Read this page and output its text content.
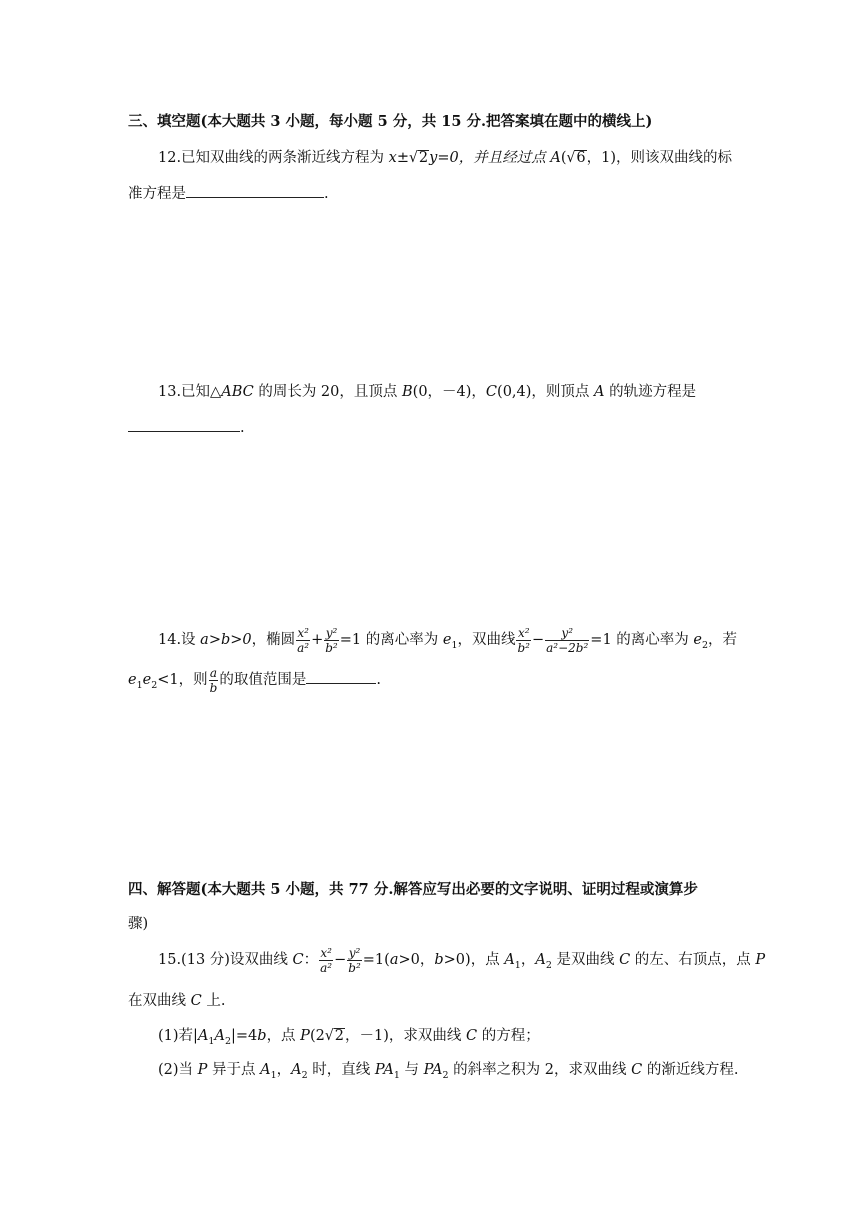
三、填空题(本大题共 3 小题，每小题 5 分，共 15 分.把答案填在题中的横线上)
12.已知双曲线的两条渐近线方程为 x±√2y=0，并且经过点 A(√6，1)，则该双曲线的标
准方程是	.
13.已知△ABC 的周长为 20，且顶点 B(0，－4)，C(0,4)，则顶点 A 的轨迹方程是
.
14.设 a>b>0，椭圆 $\frac{\text{x²}}{\text{a²}} + \frac{\text{y²}}{\text{b²}} =1$ 的离心率为 $e_1$，双曲线 $\frac{\text{x²}}{\text{b²}} - \frac{\text{y²}}{\text{a²−2b²}} =1$ 的离心率为 $e_2$，若
$e_1e_2<1$，则 $\frac{a}{b}$ 的取值范围是	.
四、解答题(本大题共 5 小题，共 77 分.解答应写出必要的文字说明、证明过程或演算步
骤)
15.(13 分)设双曲线 C： $\frac{\text{x²}}{\text{a²}} - \frac{\text{y²}}{\text{b²}} =1(a>0$，b>0)，点 $A_1$，$A_2$ 是双曲线 C 的左、右顶点，点 P
在双曲线 C 上.
(1)若$|A_1A_2|=4b$，点 P(2√2，－1)，求双曲线 C 的方程；
(2)当 P 异于点 $A_1$，$A_2$ 时，直线 $PA_1$ 与 $PA_2$ 的斜率之积为 2，求双曲线 C 的渐近线方程.
